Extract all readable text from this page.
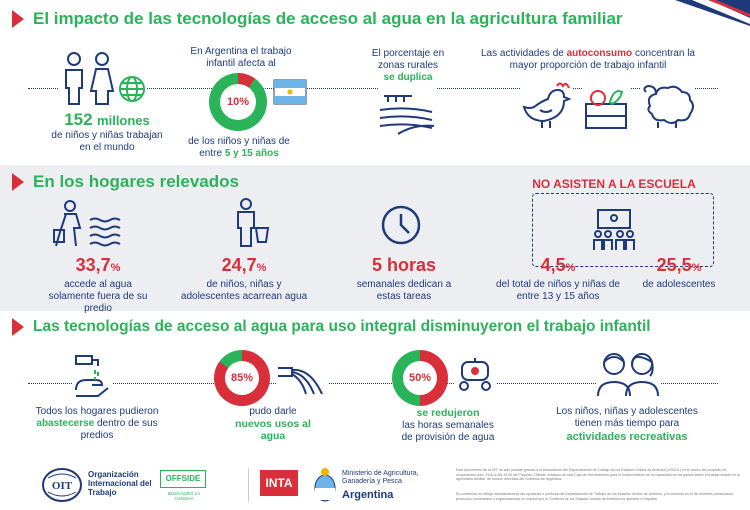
El impacto de las tecnologías de acceso al agua en la agricultura familiar
152 millones
de niños y niñas trabajan en el mundo
En Argentina el trabajo infantil afecta al
10%
de los niños y niñas de entre 5 y 15 años
El porcentaje en zonas rurales
se duplica
Las actividades de autoconsumo concentran la mayor proporción de trabajo infantil
En los hogares relevados	NO ASISTEN A LA ESCUELA
33,7%
accede al agua solamente fuera de su predio
24,7%
de niños, niñas y adolescentes acarrean agua
5 horas
semanales dedican a estas tareas
4,5%
del total de niños y niñas de entre 13 y 15 años
25,5%
de adolescentes
Las tecnologías de acceso al agua para uso integral disminuyeron el trabajo infantil
Todos los hogares pudieron abastecerse dentro de sus predios
85%
pudo darle
nuevos usos al agua
50%
se redujeron
las horas semanales de provisión de agua
Los niños, niñas y adolescentes tienen más tiempo para
actividades recreativas
OIT
Organización Internacional del Trabajo
OFFSIDE
BUSCANDO LA CANCHA
INTA
Ministerio de Agricultura, Ganadería y Pesca
Argentina
Este documento de la OIT ha sido posible gracias a la financiación del Departamento de Trabajo de los Estados Unidos de América (USDOL) en el marco del proyecto de cooperación núm. FOA-ILAB-19-05 de Proyecto 'Offside: creación de una Caja de Herramientas para el fortalecimiento de la capacidad de los países sobre el trabajo infantil en la agricultura familiar' de fondos ofrecidos del Gobierno de Argentina.
Su contenido no refleja necesariamente las opiniones o políticas del Departamento de Trabajo de los Estados Unidos de América, y la mención en él de nombres comerciales, productos comerciales u organizaciones no implica que el Gobierno de los Estados Unidos de América los apruebe o respalde.
